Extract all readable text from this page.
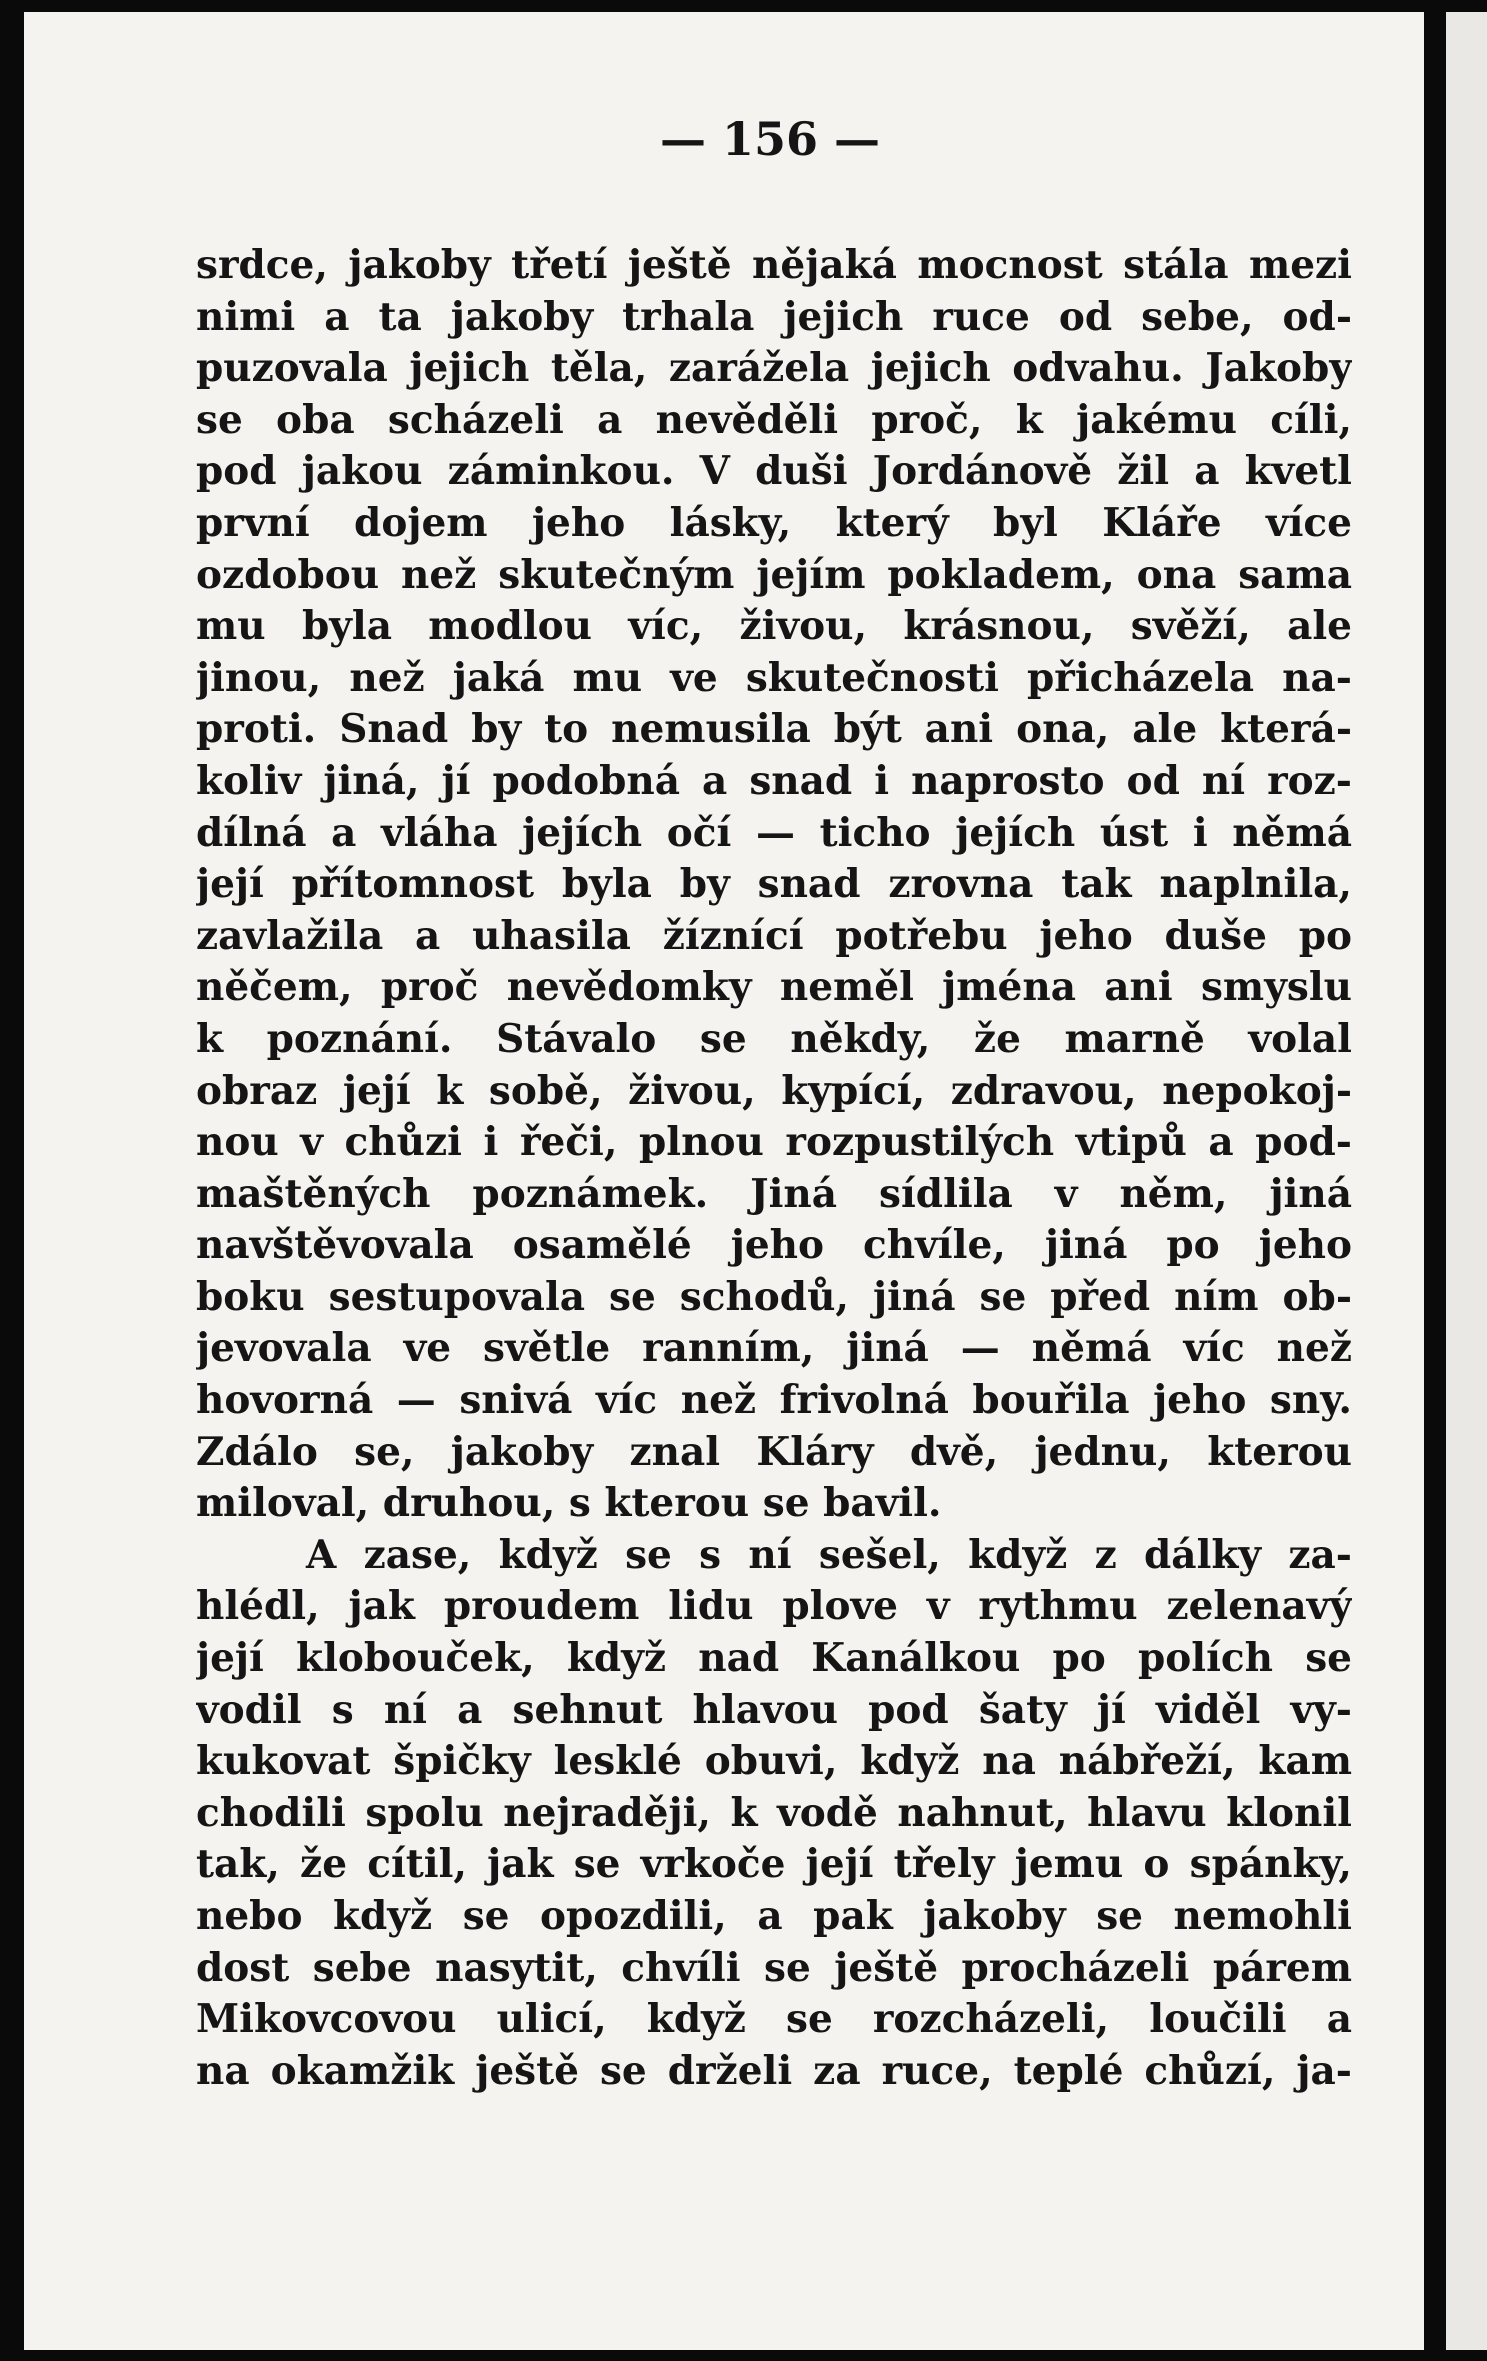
— 156 —
srdce, jakoby třetí ještě nějaká mocnost stála mezi
nimi a ta jakoby trhala jejich ruce od sebe, od-
puzovala jejich těla, zarážela jejich odvahu. Jakoby
se oba scházeli a nevěděli proč, k jakému cíli,
pod jakou záminkou. V duši Jordánově žil a kvetl
první dojem jeho lásky, který byl Kláře více
ozdobou než skutečným jejím pokladem, ona sama
mu byla modlou víc, živou, krásnou, svěží, ale
jinou, než jaká mu ve skutečnosti přicházela na-
proti. Snad by to nemusila být ani ona, ale která-
koliv jiná, jí podobná a snad i naprosto od ní roz-
dílná a vláha jejích očí — ticho jejích úst i němá
její přítomnost byla by snad zrovna tak naplnila,
zavlažila a uhasila žíznící potřebu jeho duše po
něčem, proč nevědomky neměl jména ani smyslu
k poznání. Stávalo se někdy, že marně volal
obraz její k sobě, živou, kypící, zdravou, nepokoj-
nou v chůzi i řeči, plnou rozpustilých vtipů a pod-
maštěných poznámek. Jiná sídlila v něm, jiná
navštěvovala osamělé jeho chvíle, jiná po jeho
boku sestupovala se schodů, jiná se před ním ob-
jevovala ve světle ranním, jiná — němá víc než
hovorná — snivá víc než frivolná bouřila jeho sny.
Zdálo se, jakoby znal Kláry dvě, jednu, kterou
miloval, druhou, s kterou se bavil.
A zase, když se s ní sešel, když z dálky za-
hlédl, jak proudem lidu plove v rythmu zelenavý
její klobouček, když nad Kanálkou po polích se
vodil s ní a sehnut hlavou pod šaty jí viděl vy-
kukovat špičky lesklé obuvi, když na nábřeží, kam
chodili spolu nejraději, k vodě nahnut, hlavu klonil
tak, že cítil, jak se vrkoče její třely jemu o spánky,
nebo když se opozdili, a pak jakoby se nemohli
dost sebe nasytit, chvíli se ještě procházeli párem
Mikovcovou ulicí, když se rozcházeli, loučili a
na okamžik ještě se drželi za ruce, teplé chůzí, ja-
